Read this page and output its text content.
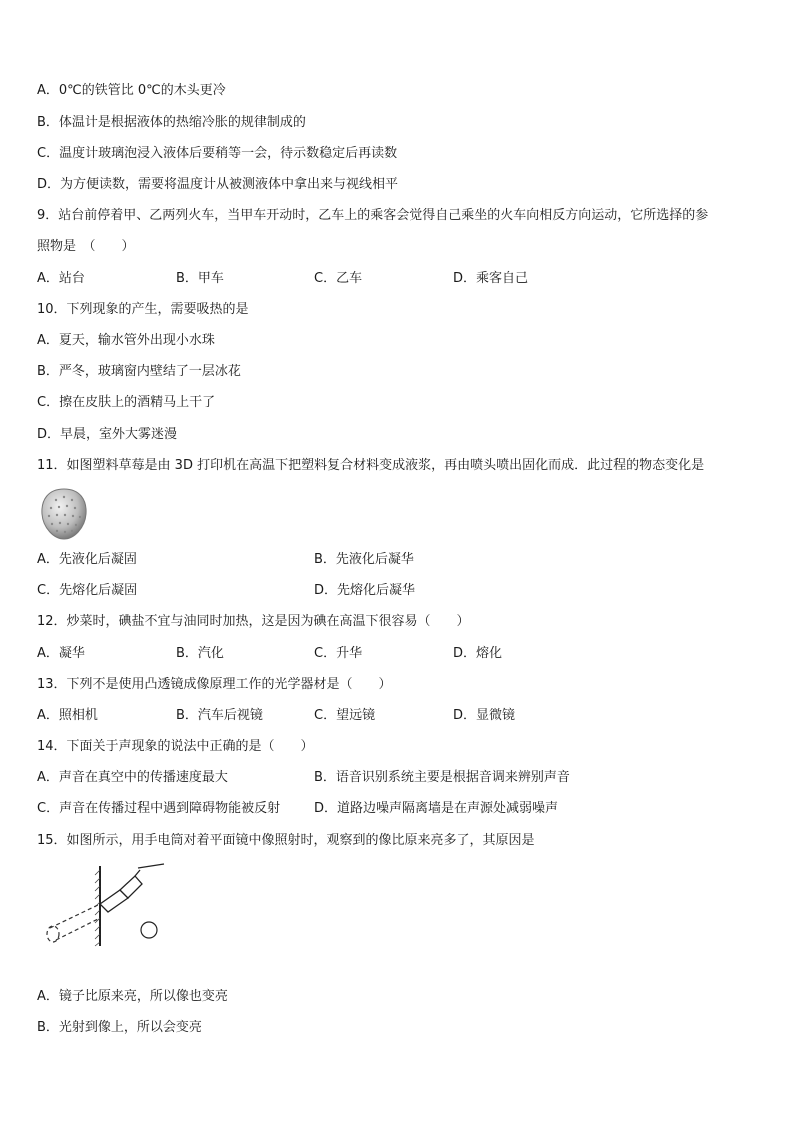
A．0℃的铁管比 0℃的木头更冷
B．体温计是根据液体的热缩冷胀的规律制成的
C．温度计玻璃泡浸入液体后要稍等一会，待示数稳定后再读数
D．为方便读数，需要将温度计从被测液体中拿出来与视线相平
9．站台前停着甲、乙两列火车，当甲车开动时，乙车上的乘客会觉得自己乘坐的火车向相反方向运动，它所选择的参
照物是　（　　）
A．站台	B．甲车	C．乙车	D．乘客自己
10．下列现象的产生，需要吸热的是
A．夏天，输水管外出现小水珠
B．严冬，玻璃窗内壁结了一层冰花
C．擦在皮肤上的酒精马上干了
D．早晨，室外大雾迷漫
11．如图塑料草莓是由 3D 打印机在高温下把塑料复合材料变成液浆，再由喷头喷出固化而成．此过程的物态变化是
A．先液化后凝固	B．先液化后凝华
C．先熔化后凝固	D．先熔化后凝华
12．炒菜时，碘盐不宜与油同时加热，这是因为碘在高温下很容易（　　）
A．凝华	B．汽化	C．升华	D．熔化
13．下列不是使用凸透镜成像原理工作的光学器材是（　　）
A．照相机	B．汽车后视镜	C．望远镜	D．显微镜
14．下面关于声现象的说法中正确的是（　　）
A．声音在真空中的传播速度最大	B．语音识别系统主要是根据音调来辨别声音
C．声音在传播过程中遇到障碍物能被反射	D．道路边噪声隔离墙是在声源处减弱噪声
15．如图所示，用手电筒对着平面镜中像照射时，观察到的像比原来亮多了，其原因是
A．镜子比原来亮，所以像也变亮
B．光射到像上，所以会变亮
